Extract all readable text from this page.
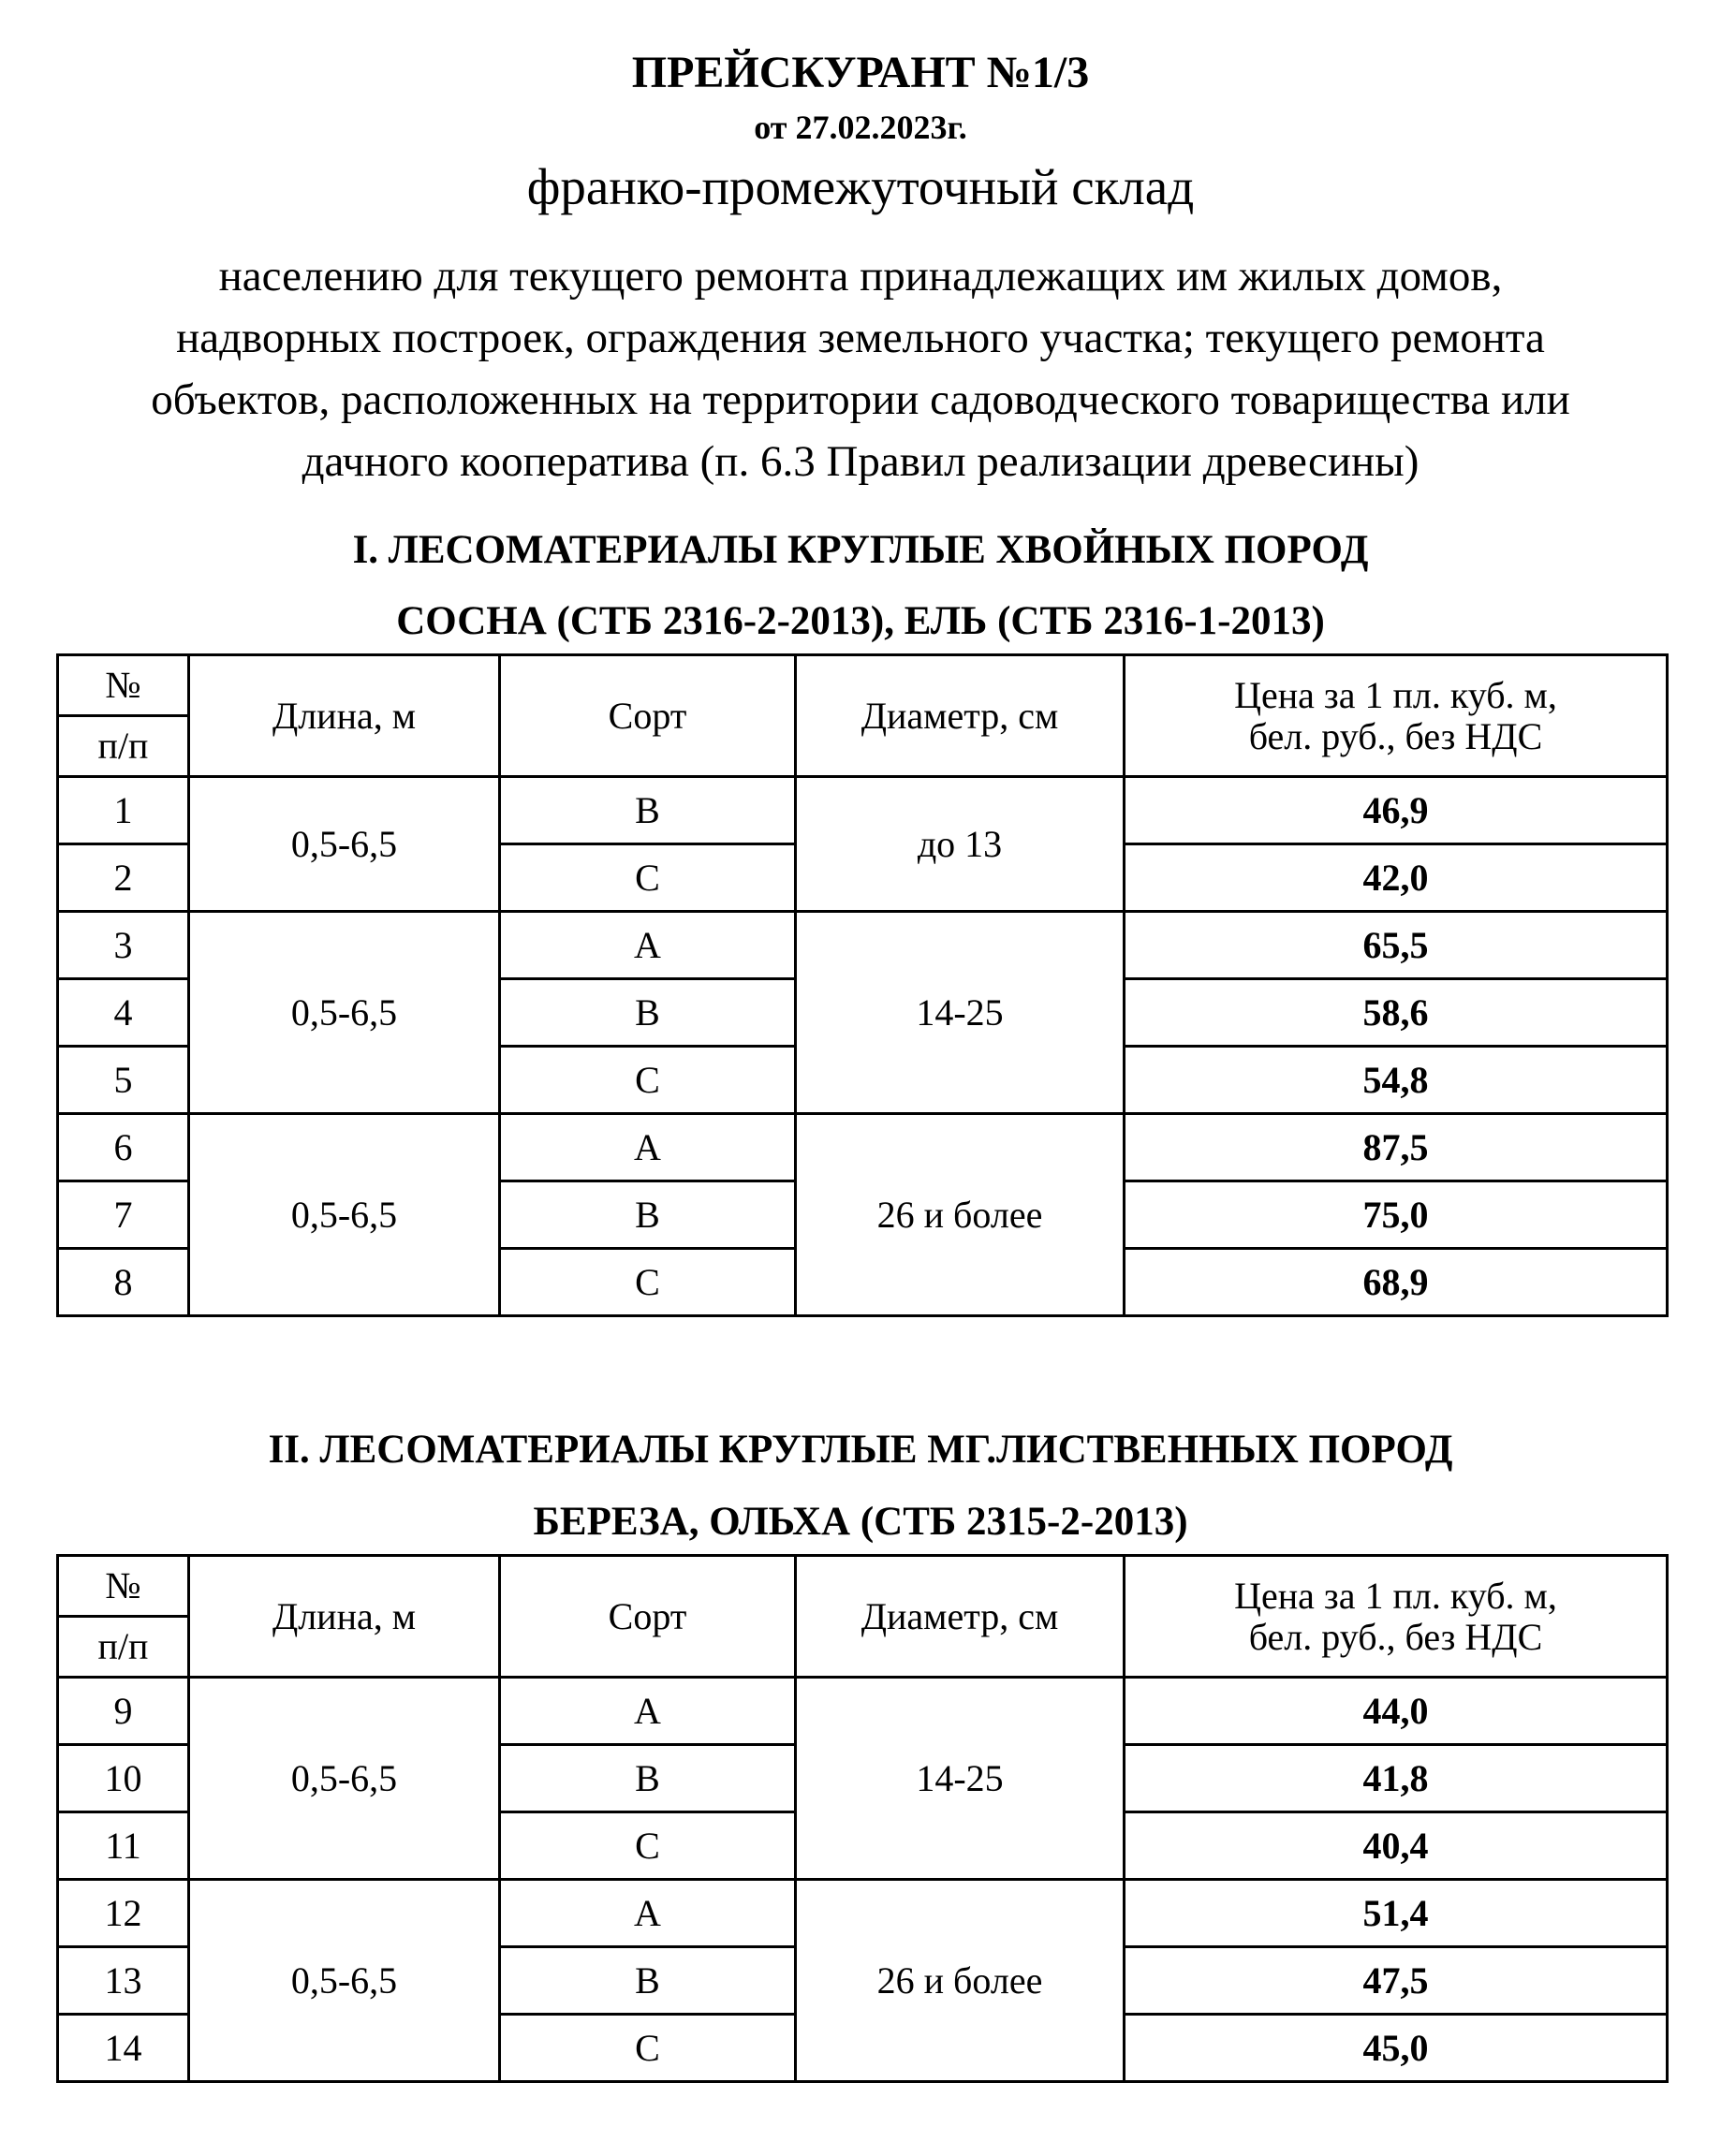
ПРЕЙСКУРАНТ №1/3
от 27.02.2023г.
франко-промежуточный склад
населению для текущего ремонта принадлежащих им жилых домов,
надворных построек, ограждения земельного участка; текущего ремонта
объектов, расположенных на территории садоводческого товарищества или
дачного кооператива (п. 6.3 Правил реализации древесины)
I. ЛЕСОМАТЕРИАЛЫ КРУГЛЫЕ ХВОЙНЫХ ПОРОД
СОСНА (СТБ 2316-2-2013), ЕЛЬ (СТБ 2316-1-2013)
№	Длина, м	Сорт	Диаметр, см	Цена за 1 пл. куб. м,
бел. руб., без НДС

п/п				
1	0,5-6,5	В	до 13	46,9
2		С		42,0
3	0,5-6,5	А	14-25	65,5
4		В		58,6
5		С		54,8
6	0,5-6,5	А	26 и более	87,5
7		В		75,0
8		С		68,9
II. ЛЕСОМАТЕРИАЛЫ КРУГЛЫЕ МГ.ЛИСТВЕННЫХ ПОРОД
БЕРЕЗА, ОЛЬХА (СТБ 2315-2-2013)
№	Длина, м	Сорт	Диаметр, см	Цена за 1 пл. куб. м,
бел. руб., без НДС

п/п				
9	0,5-6,5	А	14-25	44,0
10		В		41,8
11		С		40,4
12	0,5-6,5	А	26 и более	51,4
13		В		47,5
14		С		45,0
